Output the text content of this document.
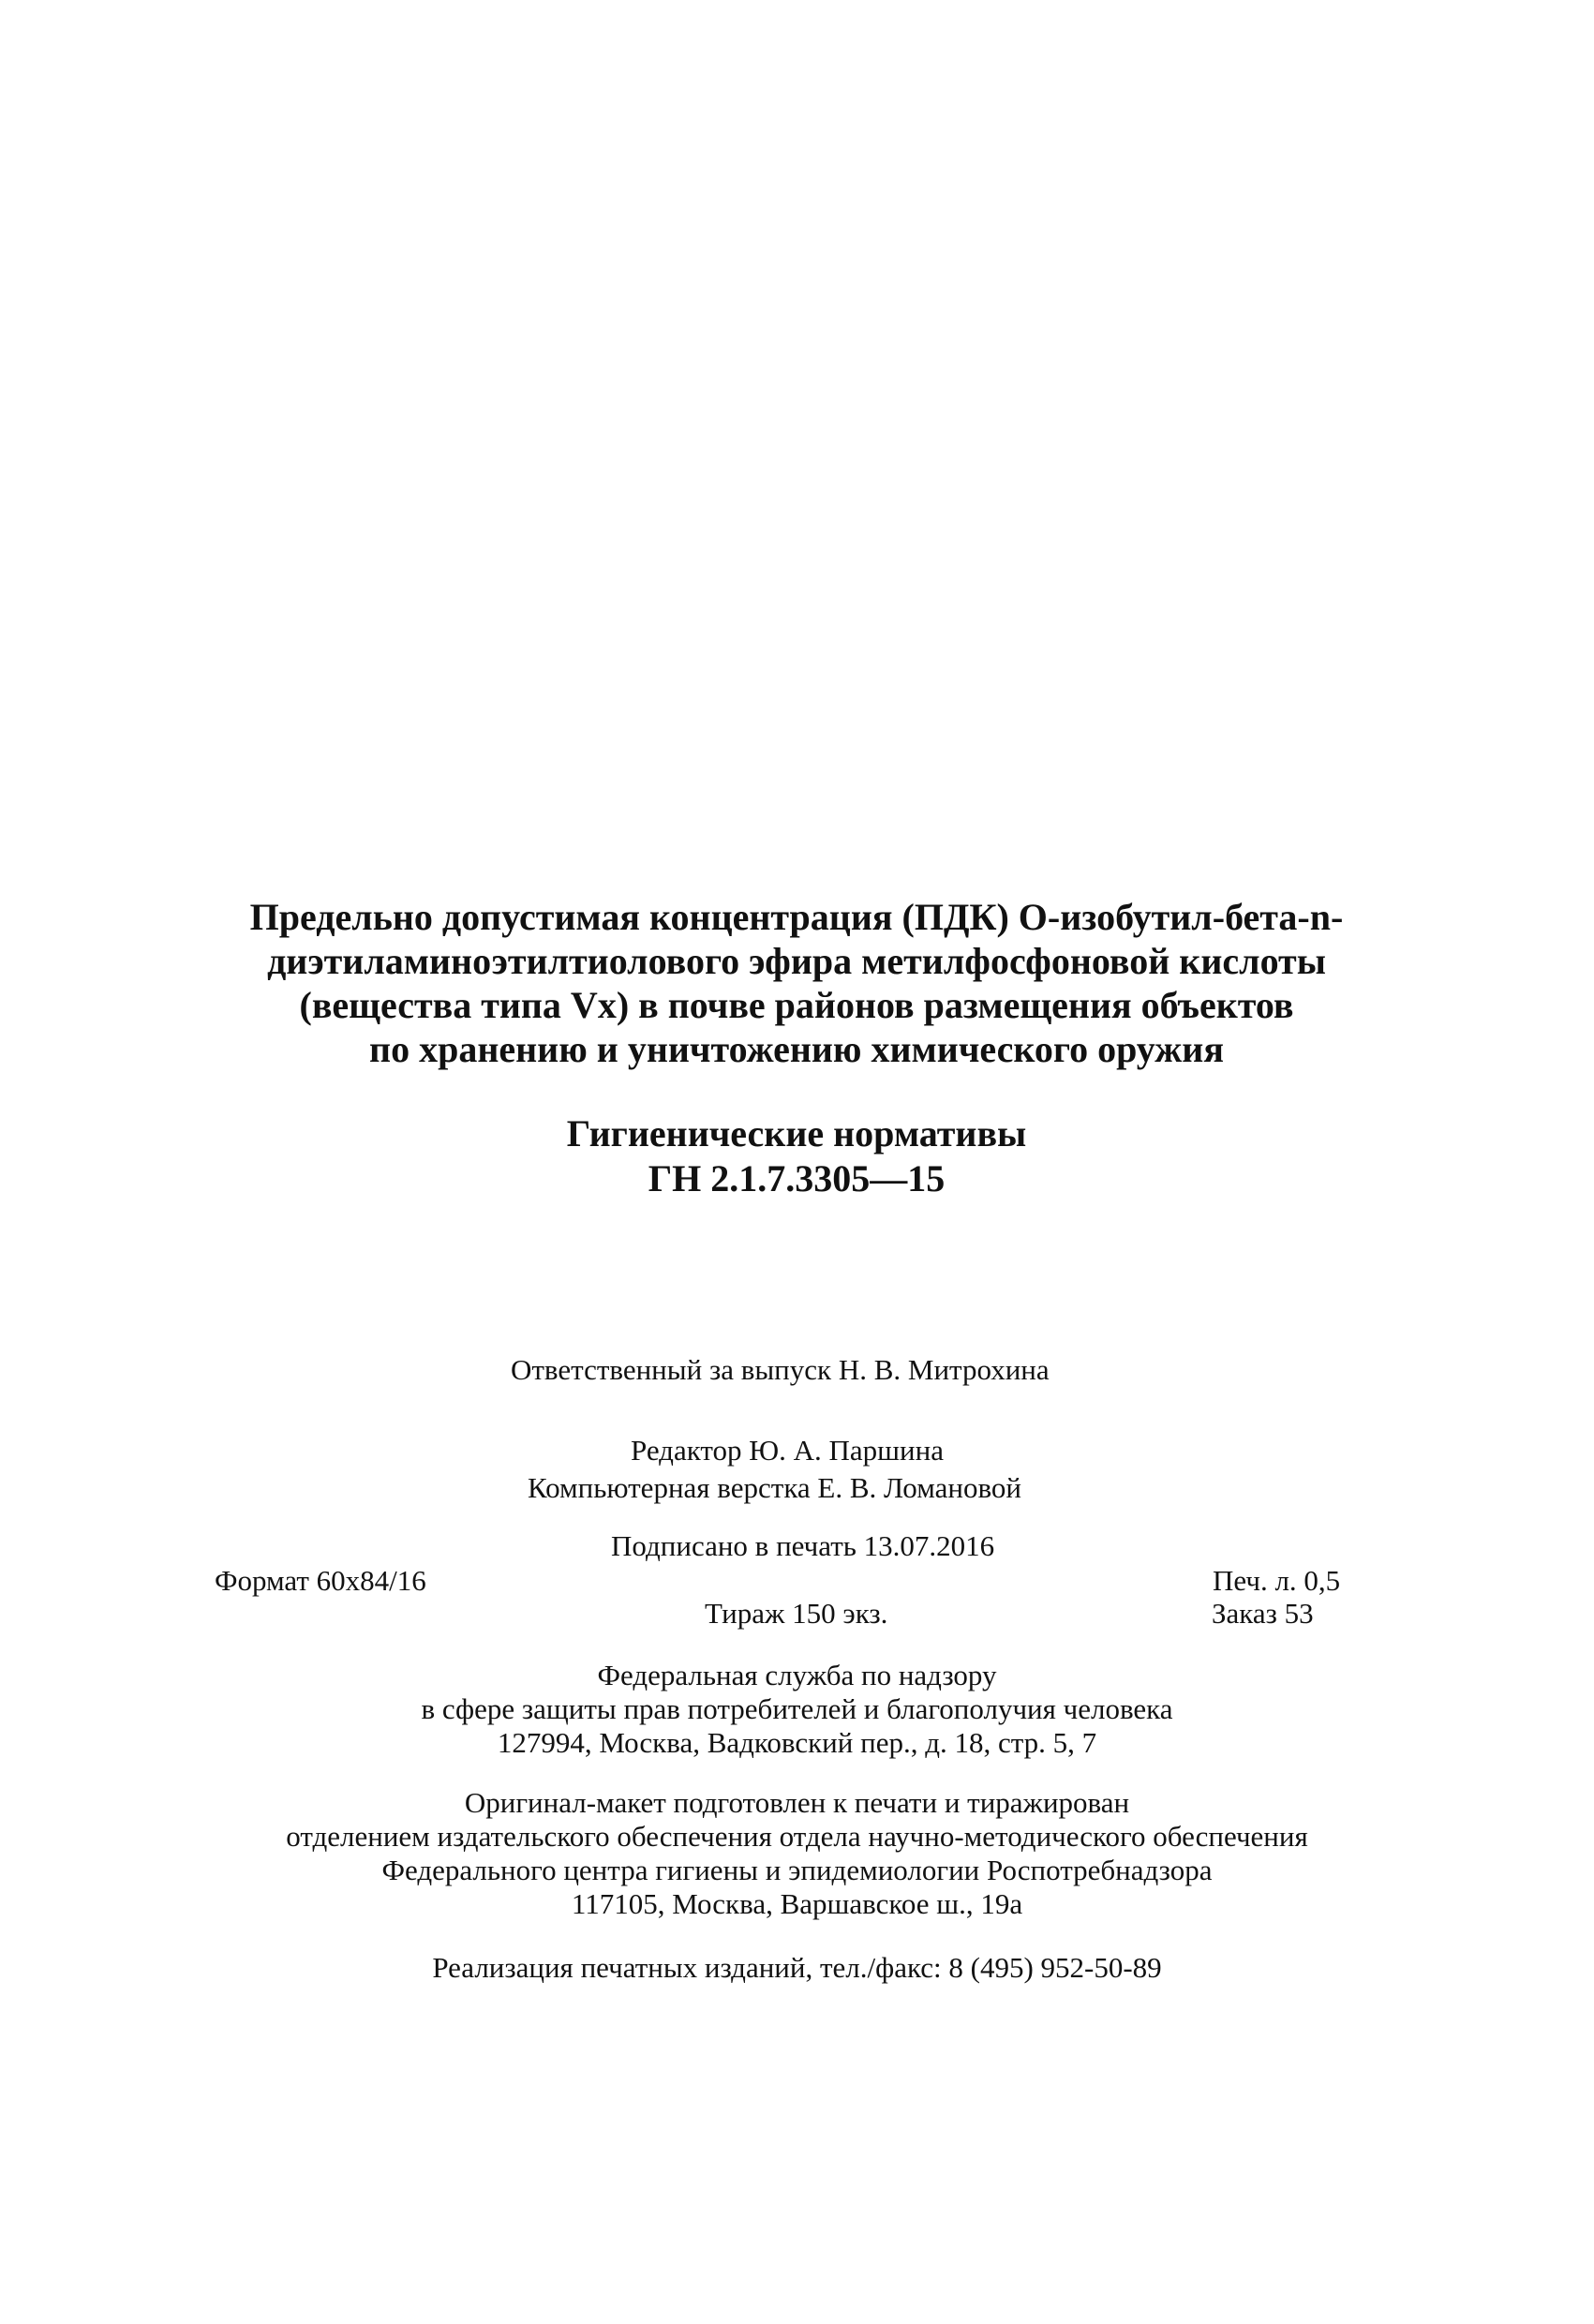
Предельно допустимая концентрация (ПДК) О-изобутил-бета-n-
диэтиламиноэтилтиолового эфира метилфосфоновой кислоты
(вещества типа Vx) в почве районов размещения объектов
по хранению и уничтожению химического оружия
Гигиенические нормативы
ГН 2.1.7.3305—15
Ответственный за выпуск Н. В. Митрохина
Редактор Ю. А. Паршина
Компьютерная верстка Е. В. Ломановой
Подписано в печать 13.07.2016
Формат 60x84/16	Печ. л. 0,5
Тираж 150 экз.	Заказ 53
Федеральная служба по надзору
в сфере защиты прав потребителей и благополучия человека
127994, Москва, Вадковский пер., д. 18, стр. 5, 7
Оригинал-макет подготовлен к печати и тиражирован
отделением издательского обеспечения отдела научно-методического обеспечения
Федерального центра гигиены и эпидемиологии Роспотребнадзора
117105, Москва, Варшавское ш., 19а
Реализация печатных изданий, тел./факс: 8 (495) 952-50-89
